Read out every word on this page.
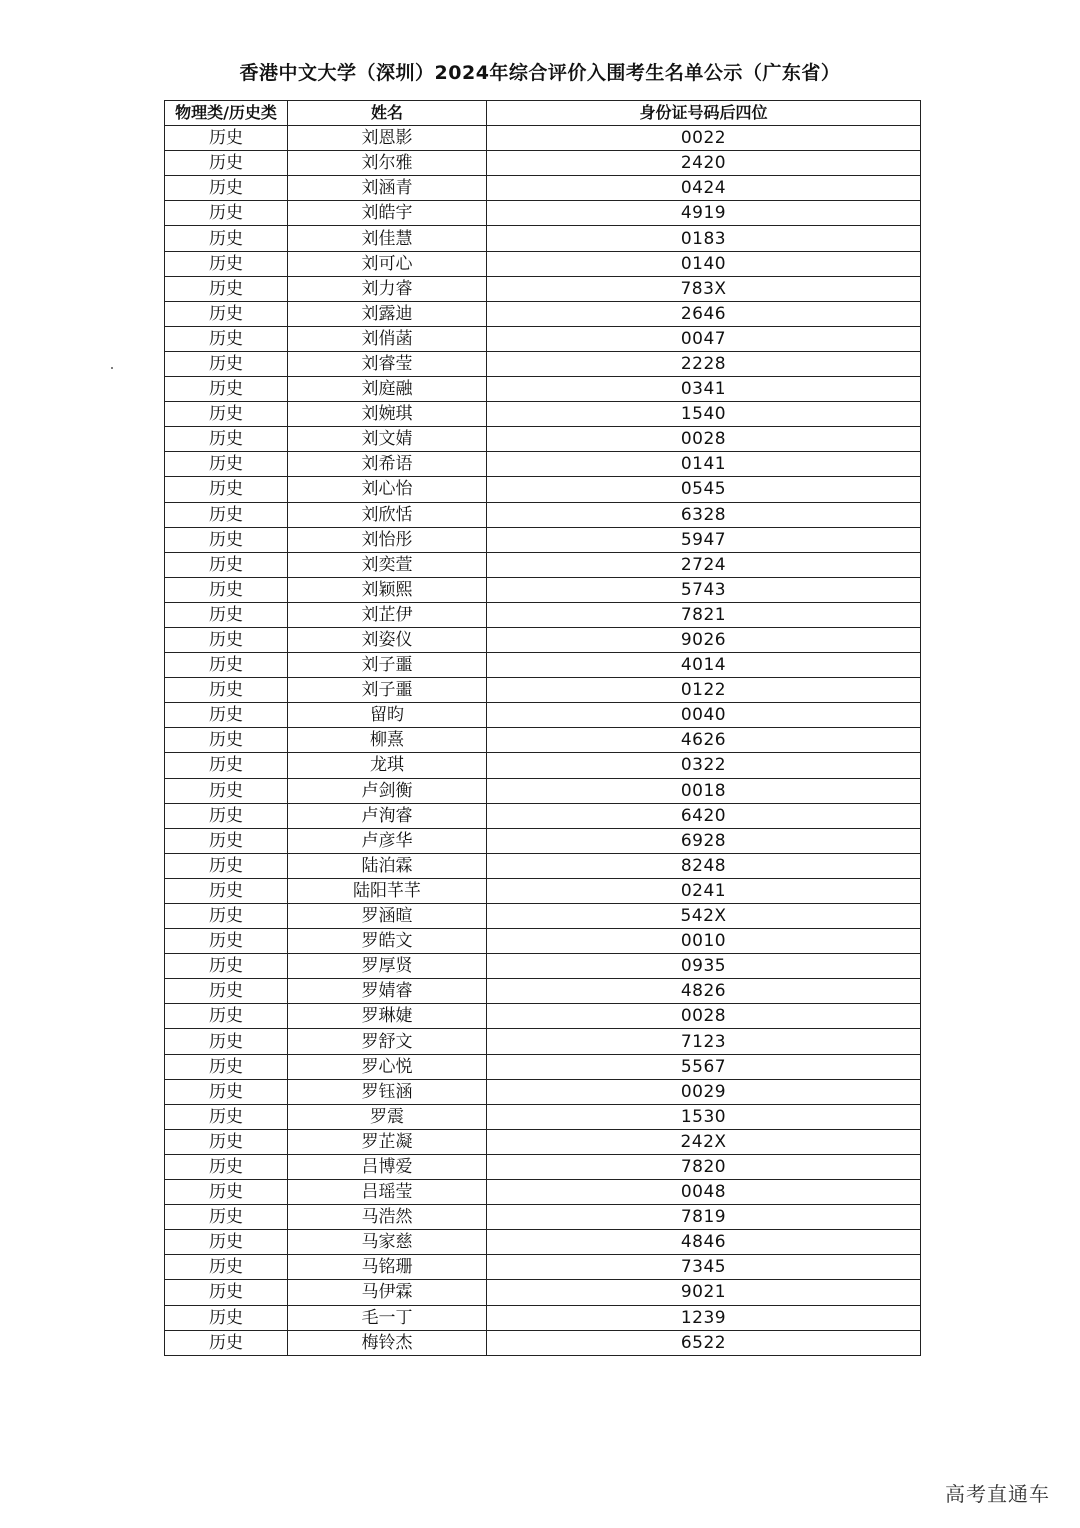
香港中文大学（深圳）2024年综合评价入围考生名单公示（广东省）
物理类/历史类	姓名	身份证号码后四位
历史	刘恩影	0022
历史	刘尔雅	2420
历史	刘涵青	0424
历史	刘皓宇	4919
历史	刘佳慧	0183
历史	刘可心	0140
历史	刘力睿	783X
历史	刘露迪	2646
历史	刘俏菡	0047
历史	刘睿莹	2228
历史	刘庭融	0341
历史	刘婉琪	1540
历史	刘文婧	0028
历史	刘希语	0141
历史	刘心怡	0545
历史	刘欣恬	6328
历史	刘怡彤	5947
历史	刘奕萱	2724
历史	刘颖熙	5743
历史	刘芷伊	7821
历史	刘姿仪	9026
历史	刘子噩	4014
历史	刘子噩	0122
历史	留昀	0040
历史	柳熹	4626
历史	龙琪	0322
历史	卢剑衡	0018
历史	卢洵睿	6420
历史	卢彦华	6928
历史	陆泊霖	8248
历史	陆阳芊芊	0241
历史	罗涵暄	542X
历史	罗皓文	0010
历史	罗厚贤	0935
历史	罗婧睿	4826
历史	罗琳婕	0028
历史	罗舒文	7123
历史	罗心悦	5567
历史	罗钰涵	0029
历史	罗震	1530
历史	罗芷凝	242X
历史	吕博爱	7820
历史	吕瑶莹	0048
历史	马浩然	7819
历史	马家慈	4846
历史	马铭珊	7345
历史	马伊霖	9021
历史	毛一丁	1239
历史	梅铃杰	6522
高考直通车
